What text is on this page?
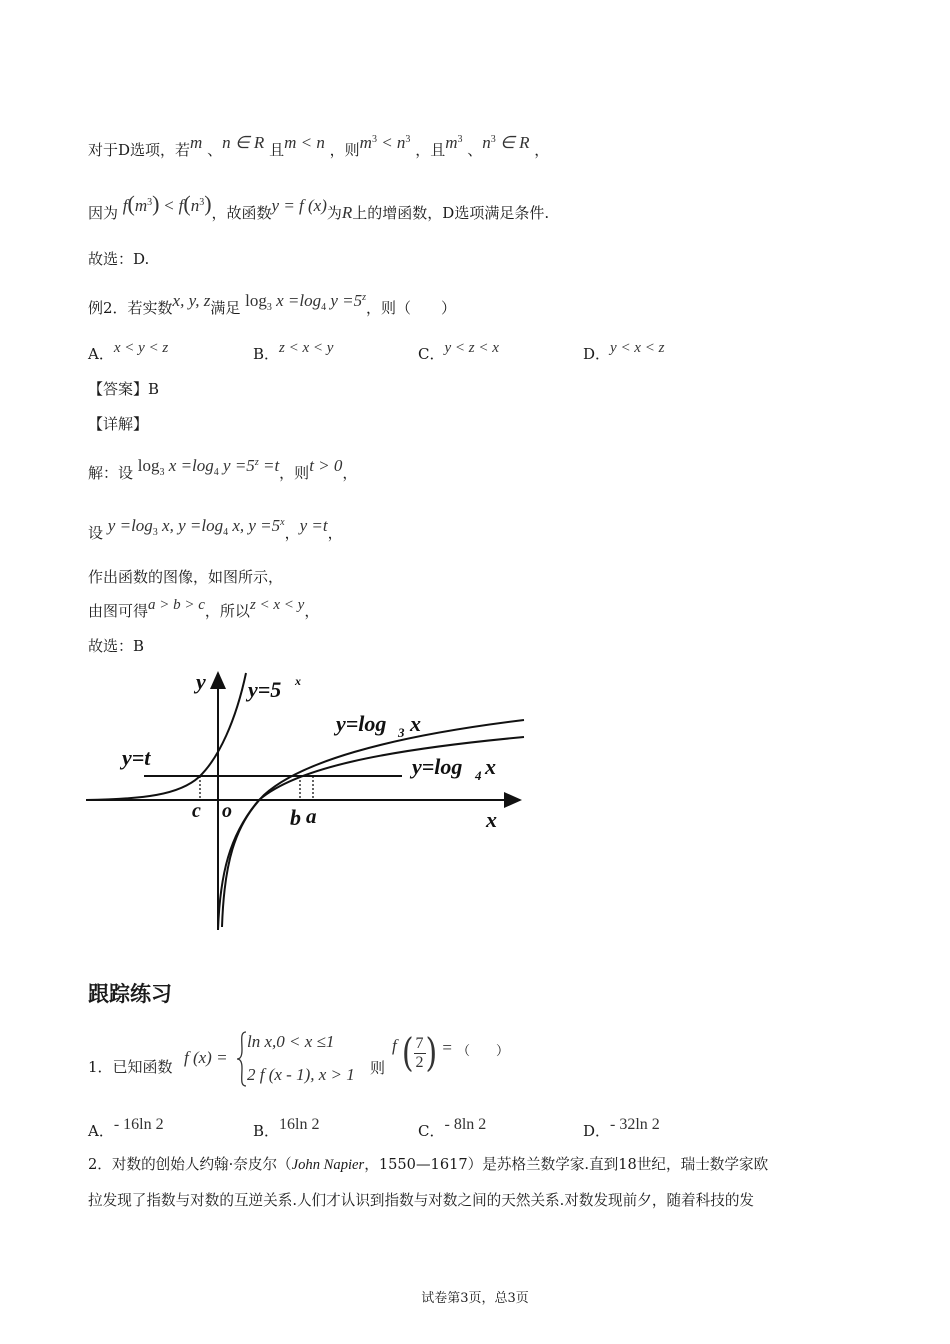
对于D选项，若m 、n ∈ R 且m < n ，则$m^3 < n^3$ ，且$m^3$ 、$n^3$ ∈ R ，
因为 $f(m^3) < f(n^3)$，故函数y = f (x)为R上的增函数，D选项满足条件.
故选：D.
例2．若实数x, y, z满足 $\log_3 x =\log_4$ $y =5^z$，则（　　）
A．x < y < z	B．z < x < y	C．y < z < x	D．y < x < z
【答案】B
【详解】
解：设 $\log_3 x =\log_4$ $y =5^z =t$，则t > 0，
设 $y =\log_3$ x, $y =\log_4$ x, $y =5^x$，y =t，
作出函数的图像，如图所示，
由图可得a > b > c，所以z < x < y，
故选：B
y
x
o
c	b a
y=t
y=5 x
y=log 3 x
y=log 4 x
跟踪练习
1．已知函数 f (x) =
ln x,0 < x ≤1
2 f (x - 1), x > 1 则
f ( $\frac{7}{2}$ ) = （　　）
A．- 16ln 2	B．16ln 2	C．- 8ln 2	D．- 32ln 2
2．对数的创始人约翰·奈皮尔（John Napier，1550—1617）是苏格兰数学家.直到18世纪，瑞士数学家欧
拉发现了指数与对数的互逆关系.人们才认识到指数与对数之间的天然关系.对数发现前夕，随着科技的发
试卷第3页，总3页
